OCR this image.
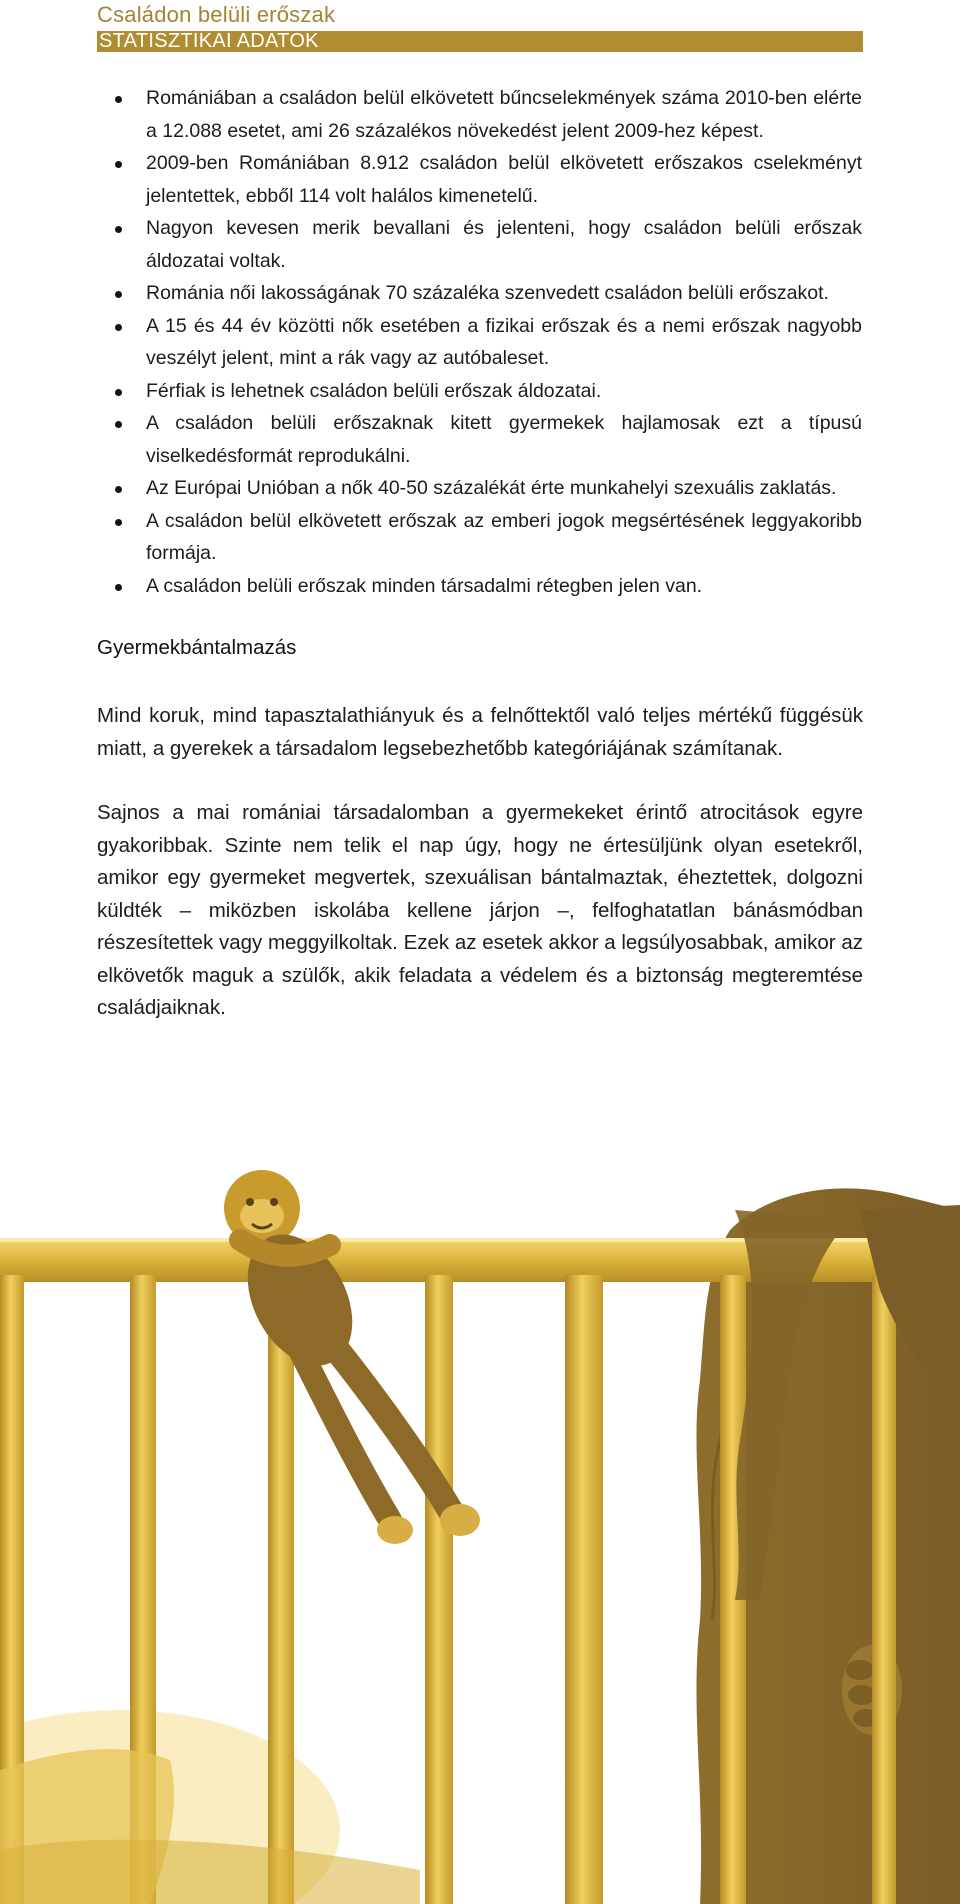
Családon belüli erőszak
STATISZTIKAI ADATOK
Romániában a családon belül elkövetett bűncselekmények száma 2010-ben elérte a 12.088 esetet, ami 26 százalékos növekedést jelent 2009-hez képest.
2009-ben Romániában 8.912 családon belül elkövetett erőszakos cselekményt jelentettek, ebből 114 volt halálos kimenetelű.
Nagyon kevesen merik bevallani és jelenteni, hogy családon belüli erőszak áldozatai voltak.
Románia női lakosságának 70 százaléka szenvedett családon belüli erőszakot.
A 15 és 44 év közötti nők esetében a fizikai erőszak és a nemi erőszak nagyobb veszélyt jelent, mint a rák vagy az autóbaleset.
Férfiak is lehetnek családon belüli erőszak áldozatai.
A családon belüli erőszaknak kitett gyermekek hajlamosak ezt a típusú viselkedésformát reprodukálni.
Az Európai Unióban a nők 40-50 százalékát érte munkahelyi szexuális zaklatás.
A családon belül elkövetett erőszak az emberi jogok megsértésének leggyakoribb formája.
A családon belüli erőszak minden társadalmi rétegben jelen van.
Gyermekbántalmazás

Mind koruk, mind tapasztalathiányuk és a felnőttektől való teljes mértékű függésük miatt, a gyerekek a társadalom legsebezhetőbb kategóriájának számítanak.

Sajnos a mai romániai társadalomban a gyermekeket érintő atrocitások egyre gyakoribbak. Szinte nem telik el nap úgy, hogy ne értesüljünk olyan esetekről, amikor egy gyermeket megvertek, szexuálisan bántalmaztak, éheztettek, dolgozni küldték – miközben iskolába kellene járjon –, felfoghatatlan bánásmódban részesítettek vagy meggyilkoltak. Ezek az esetek akkor a legsúlyosabbak, amikor az elkövetők maguk a szülők, akik feladata a védelem és a biztonság megteremtése családjaiknak.
